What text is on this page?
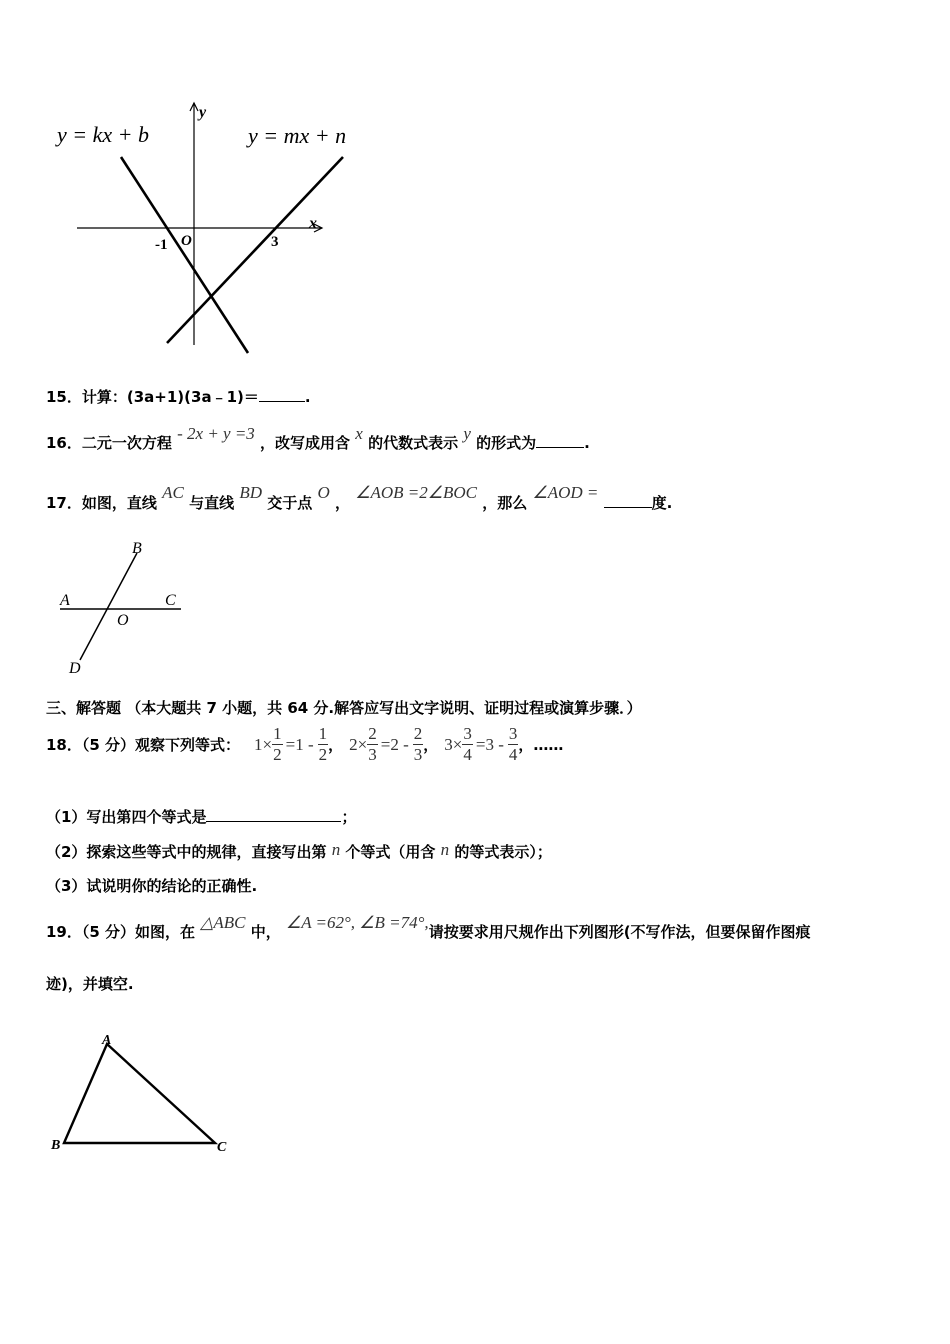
y = kx + b	y = mx + n
y
x
O
-1	3
15．计算：(3a+1)(3a﹣1)＝	.
16．二元一次方程 - 2x + y =3 ，改写成用含 x 的代数式表示 y 的形式为	.
17．如图，直线 AC 与直线 BD 交于点 O ， ∠AOB =2∠BOC ，那么 ∠AOD = 度.
B
A	C
O
D
三、解答题 （本大题共 7 小题，共 64 分.解答应写出文字说明、证明过程或演算步骤．）
18．（5 分）观察下列等式： $1\times \frac{1}{2} =1 - \frac{1}{2}$ ， $2\times \frac{2}{3} =2 - \frac{2}{3}$ ， $3\times \frac{3}{4} =3 - \frac{3}{4}$ ，……
（1）写出第四个等式是	；
（2）探索这些等式中的规律，直接写出第 n 个等式（用含 n 的等式表示）；
（3）试说明你的结论的正确性.
19．（5 分）如图，在 △ABC 中， ∠A =62°, ∠B =74°,请按要求用尺规作出下列图形(不写作法，但要保留作图痕
迹)，并填空.
A
B	C
